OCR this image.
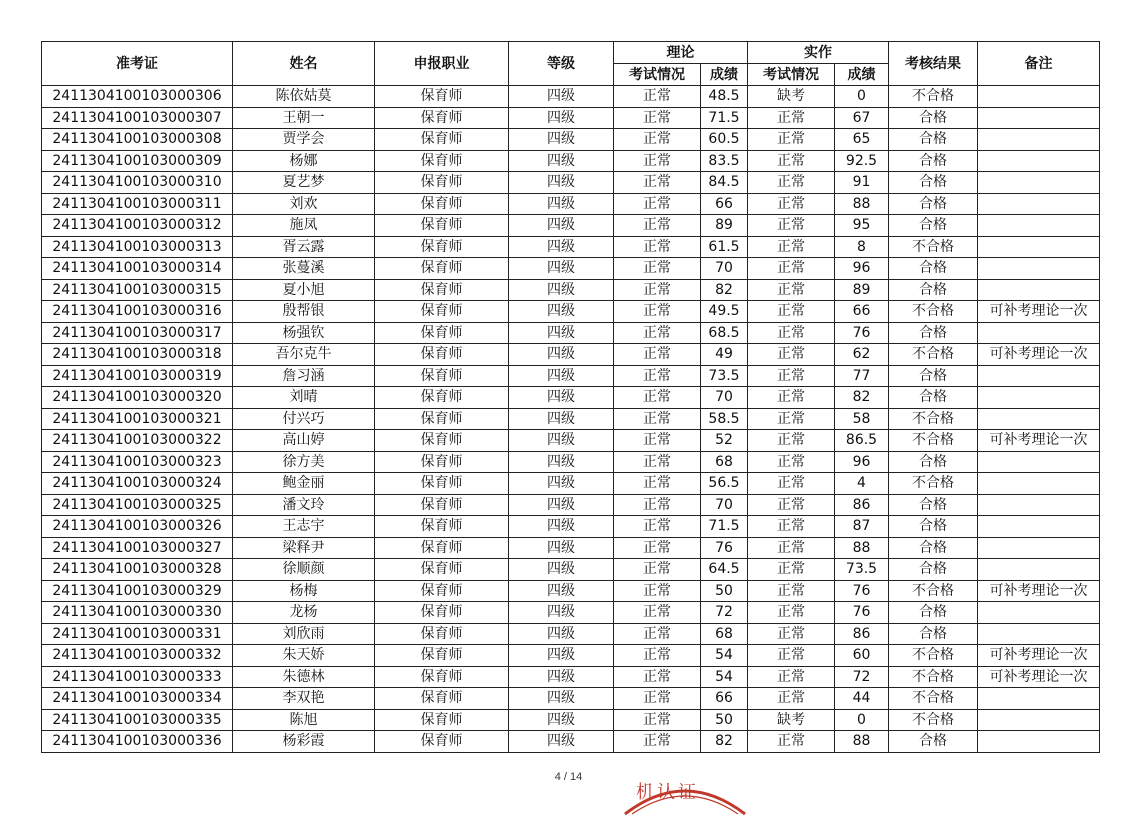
准考证	姓名	申报职业	等级	理论		实作		考核结果	备注
				考试情况	成绩	考试情况	成绩		
2411304100103000306	陈依姑莫	保育师	四级	正常	48.5	缺考	0	不合格	
2411304100103000307	王朝一	保育师	四级	正常	71.5	正常	67	合格	
2411304100103000308	贾学会	保育师	四级	正常	60.5	正常	65	合格	
2411304100103000309	杨娜	保育师	四级	正常	83.5	正常	92.5	合格	
2411304100103000310	夏艺梦	保育师	四级	正常	84.5	正常	91	合格	
2411304100103000311	刘欢	保育师	四级	正常	66	正常	88	合格	
2411304100103000312	施凤	保育师	四级	正常	89	正常	95	合格	
2411304100103000313	胥云露	保育师	四级	正常	61.5	正常	8	不合格	
2411304100103000314	张蔓溪	保育师	四级	正常	70	正常	96	合格	
2411304100103000315	夏小旭	保育师	四级	正常	82	正常	89	合格	
2411304100103000316	殷帮银	保育师	四级	正常	49.5	正常	66	不合格	可补考理论一次
2411304100103000317	杨强钦	保育师	四级	正常	68.5	正常	76	合格	
2411304100103000318	吾尔克牛	保育师	四级	正常	49	正常	62	不合格	可补考理论一次
2411304100103000319	詹习涵	保育师	四级	正常	73.5	正常	77	合格	
2411304100103000320	刘晴	保育师	四级	正常	70	正常	82	合格	
2411304100103000321	付兴巧	保育师	四级	正常	58.5	正常	58	不合格	
2411304100103000322	高山婷	保育师	四级	正常	52	正常	86.5	不合格	可补考理论一次
2411304100103000323	徐方美	保育师	四级	正常	68	正常	96	合格	
2411304100103000324	鲍金丽	保育师	四级	正常	56.5	正常	4	不合格	
2411304100103000325	潘文玲	保育师	四级	正常	70	正常	86	合格	
2411304100103000326	王志宇	保育师	四级	正常	71.5	正常	87	合格	
2411304100103000327	梁释尹	保育师	四级	正常	76	正常	88	合格	
2411304100103000328	徐顺颜	保育师	四级	正常	64.5	正常	73.5	合格	
2411304100103000329	杨梅	保育师	四级	正常	50	正常	76	不合格	可补考理论一次
2411304100103000330	龙杨	保育师	四级	正常	72	正常	76	合格	
2411304100103000331	刘欣雨	保育师	四级	正常	68	正常	86	合格	
2411304100103000332	朱天娇	保育师	四级	正常	54	正常	60	不合格	可补考理论一次
2411304100103000333	朱德林	保育师	四级	正常	54	正常	72	不合格	可补考理论一次
2411304100103000334	李双艳	保育师	四级	正常	66	正常	44	不合格	
2411304100103000335	陈旭	保育师	四级	正常	50	缺考	0	不合格	
2411304100103000336	杨彩霞	保育师	四级	正常	82	正常	88	合格	
4 / 14
机认证
